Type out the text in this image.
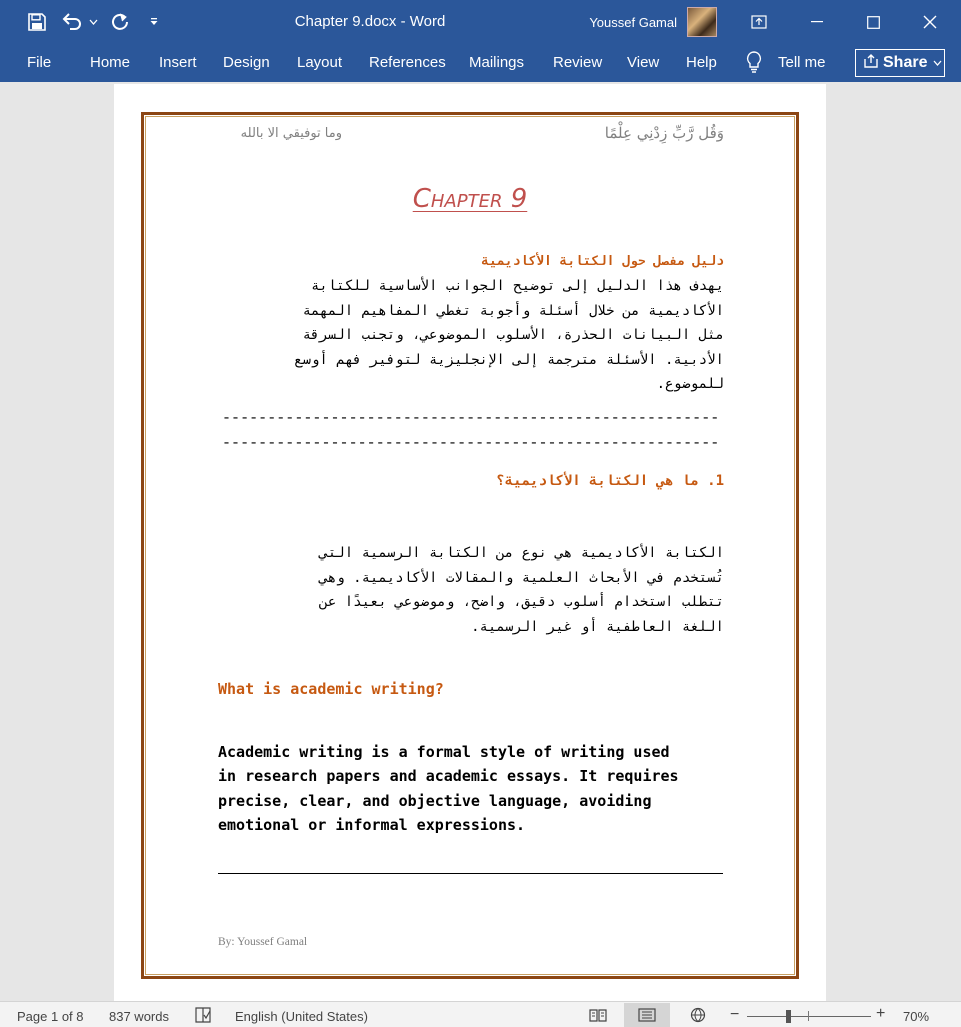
Chapter 9.docx - Word	Youssef Gamal
File	Home Insert Design Layout References Mailings Review View Help	Tell me	Share
وَقُل رَّبِّ زِدْنِي عِلْمًا
وما توفيقي الا بالله
Chapter 9
دليل مفصل حول الكتابة الأكاديمية
يهدف هذا الدليل إلى توضيح الجوانب الأساسية للكتابة
الأكاديمية من خلال أسئلة وأجوبة تغطي المفاهيم المهمة
مثل البيانات الحذرة، الأسلوب الموضوعي، وتجنب السرقة
الأدبية. الأسئلة مترجمة إلى الإنجليزية لتوفير فهم أوسع
للموضوع.
-------------------------------------------------------
-------------------------------------------------------
1. ما هي الكتابة الأكاديمية؟
الكتابة الأكاديمية هي نوع من الكتابة الرسمية التي
تُستخدم في الأبحاث العلمية والمقالات الأكاديمية. وهي
تتطلب استخدام أسلوب دقيق، واضح، وموضوعي بعيدًا عن
اللغة العاطفية أو غير الرسمية.
What is academic writing?
Academic writing is a formal style of writing used
in research papers and academic essays. It requires
precise, clear, and objective language, avoiding
emotional or informal expressions.
By: Youssef Gamal
Page 1 of 8 837 words	English (United States)	−	+ 70%
